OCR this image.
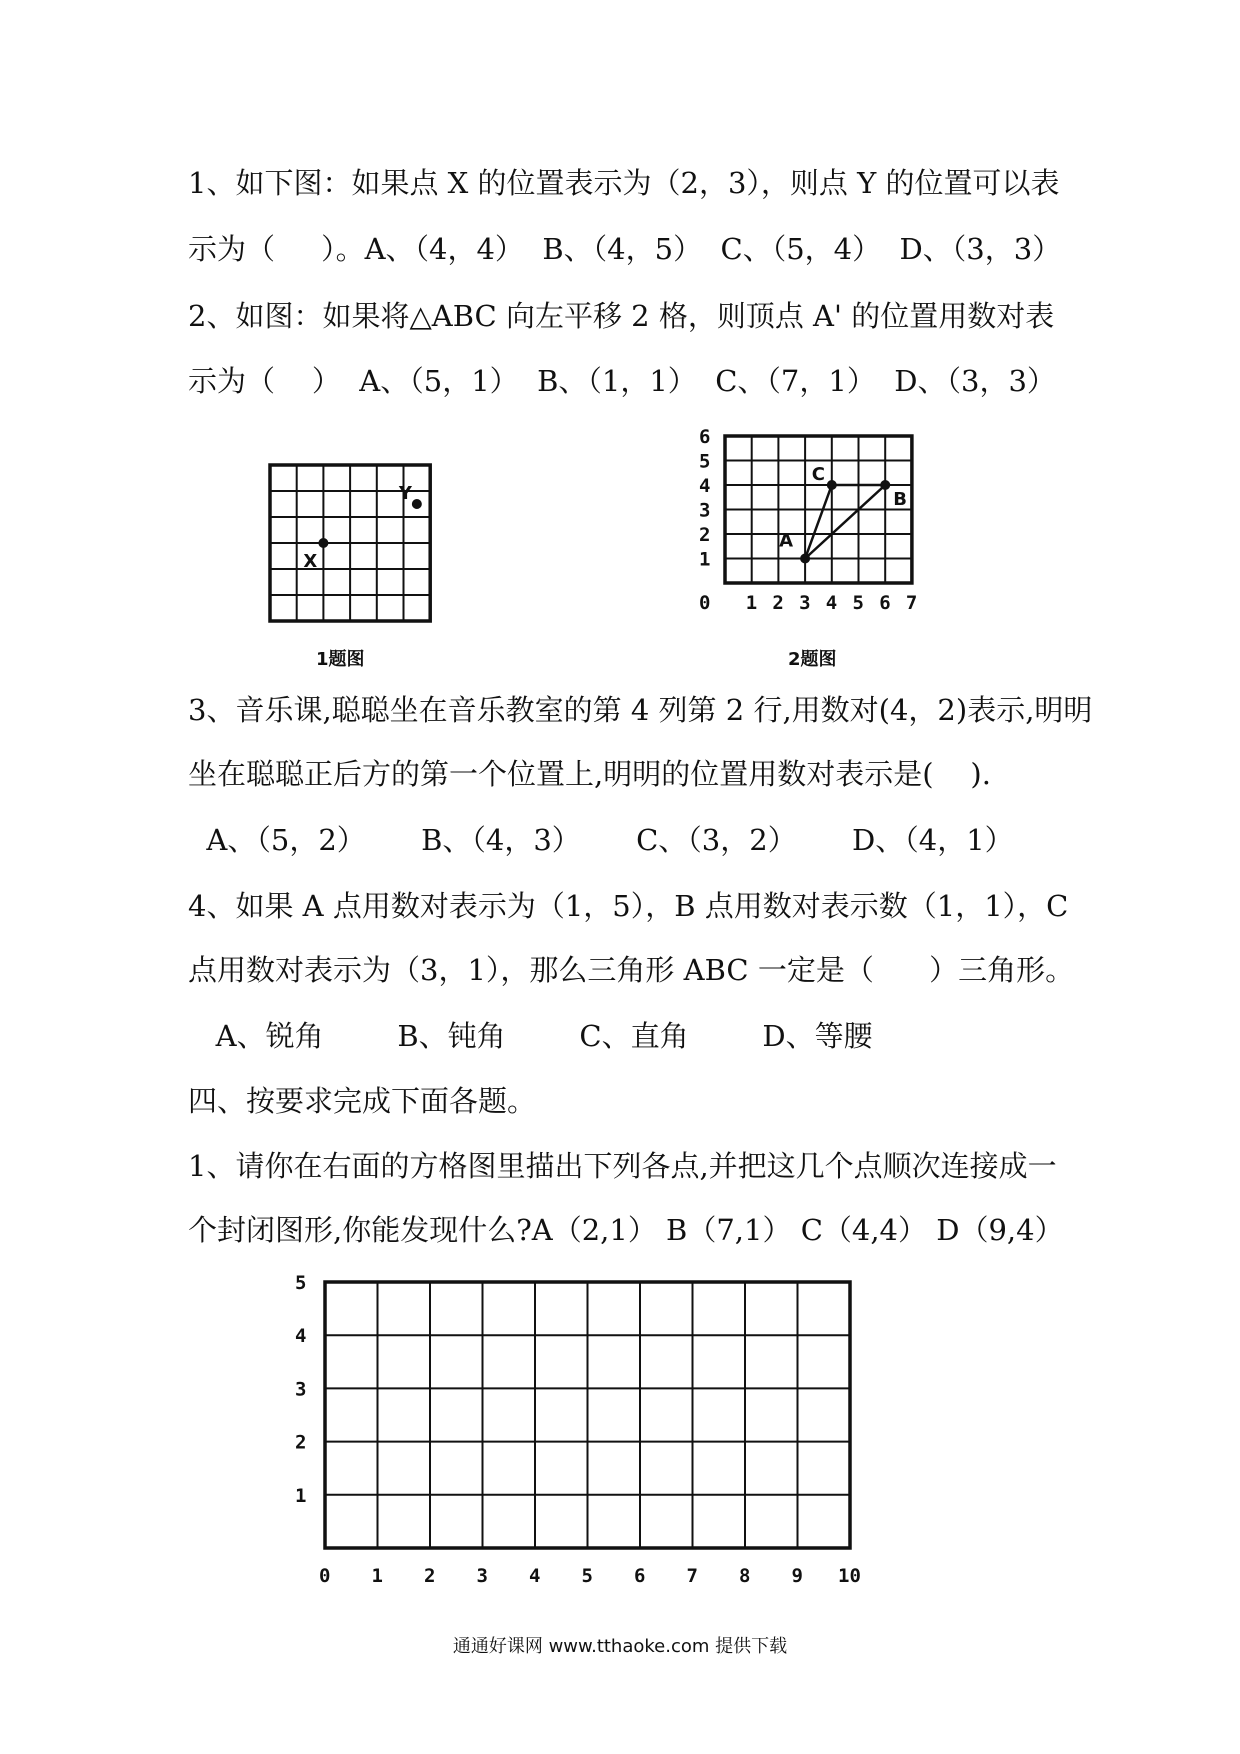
1、如下图：如果点 X 的位置表示为（2，3），则点 Y 的位置可以表
示为（     ）。A、（4，4）  B、（4，5）  C、（5，4）  D、（3，3）
2、如图：如果将△ABC 向左平移 2 格，则顶点 A' 的位置用数对表
示为（    ）  A、（5，1）  B、（1，1）  C、（7，1）  D、（3，3）
X
Y
1题图
0 1 2 3 4 5 6 7
1
2
3
4
5
6
A
B
C
2题图
3、音乐课,聪聪坐在音乐教室的第 4 列第 2 行,用数对(4，2)表示,明明
坐在聪聪正后方的第一个位置上,明明的位置用数对表示是(    ).
A、（5，2）      B、（4，3）      C、（3，2）      D、（4，1）
4、如果 A 点用数对表示为（1，5），B 点用数对表示数（1，1），C
点用数对表示为（3，1），那么三角形 ABC 一定是（      ）三角形。
A、锐角        B、钝角        C、直角        D、等腰
四、按要求完成下面各题。
1、请你在右面的方格图里描出下列各点,并把这几个点顺次连接成一
个封闭图形,你能发现什么?A（2,1） B（7,1） C（4,4） D（9,4）
0 1 2 3 4 5 6 7 8 9 10
1
2
3
4
5
通通好课网 www.tthaoke.com 提供下载
